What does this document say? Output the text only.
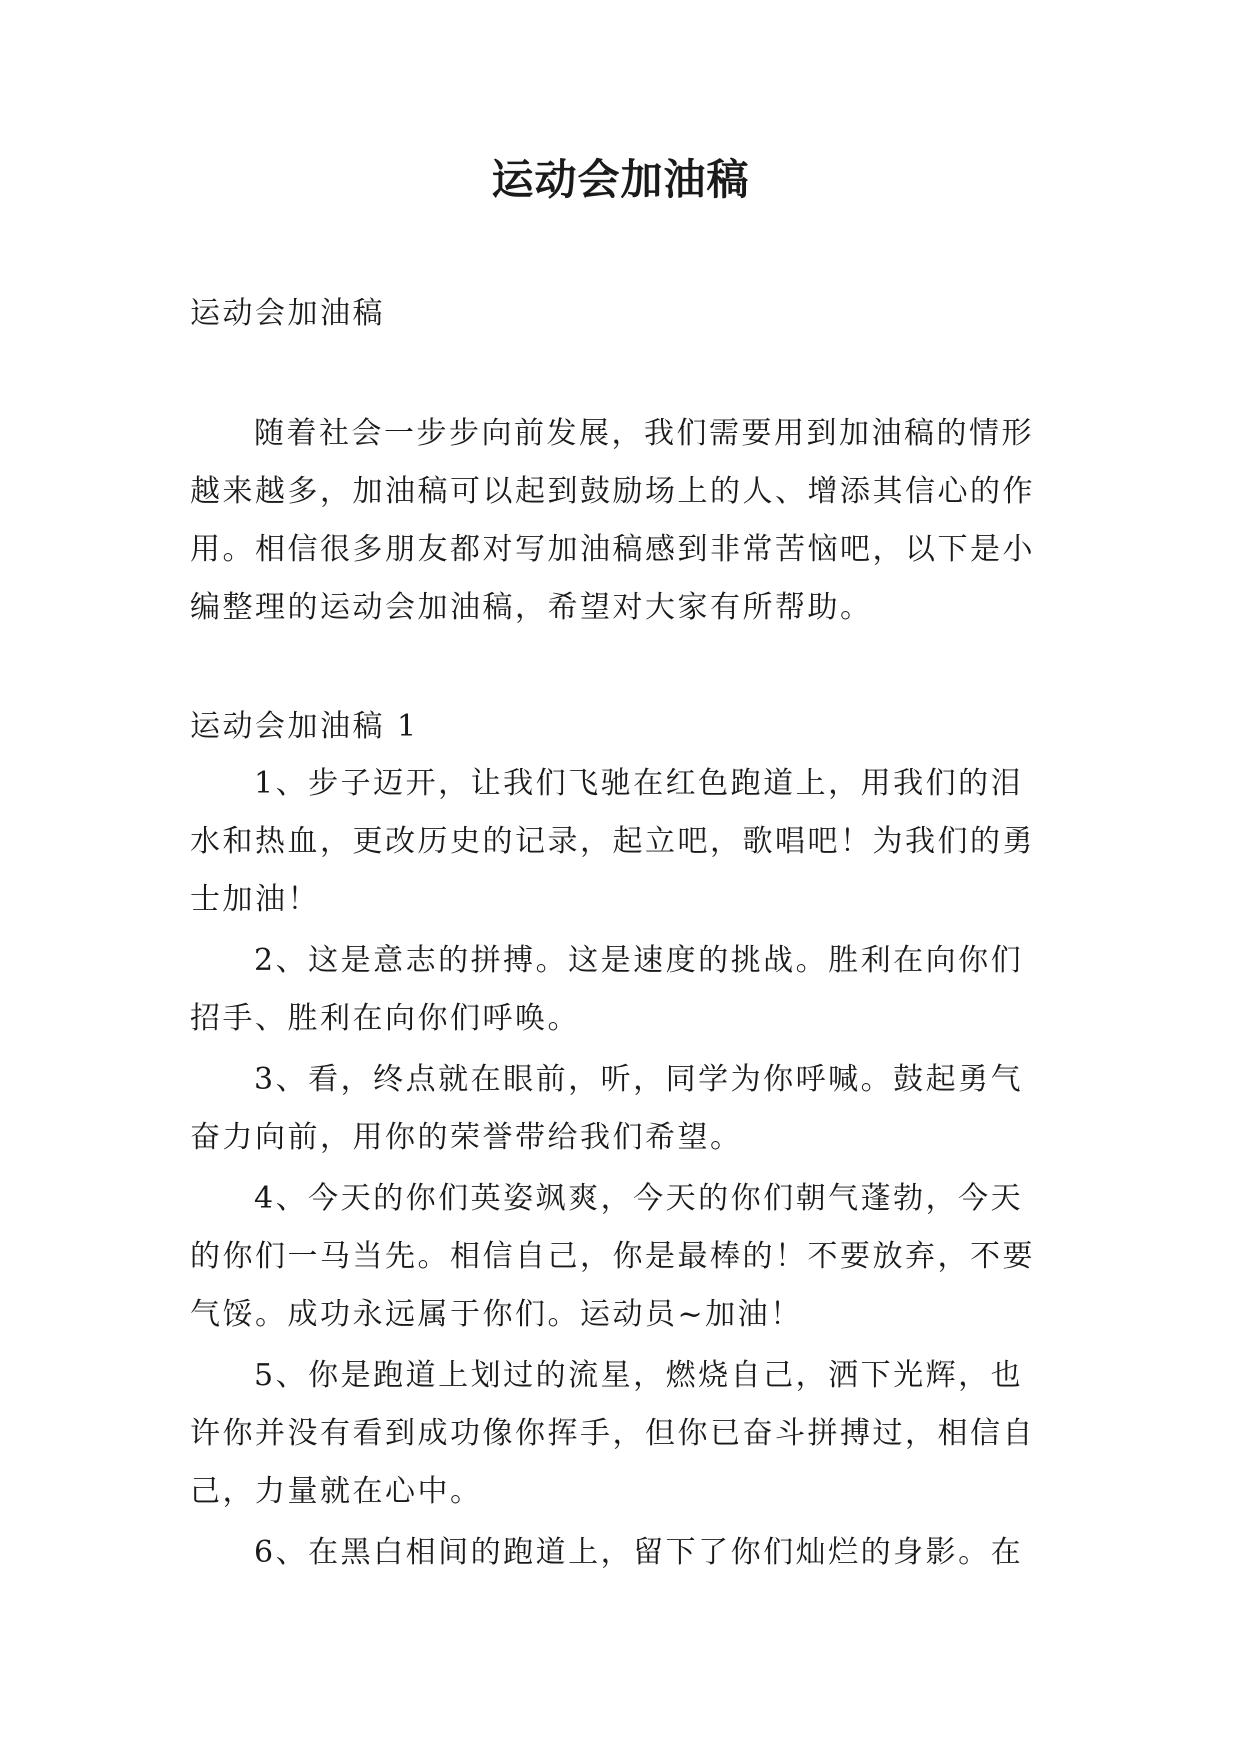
运动会加油稿

运动会加油稿

随着社会一步步向前发展，我们需要用到加油稿的情形越来越多，加油稿可以起到鼓励场上的人、增添其信心的作用。相信很多朋友都对写加油稿感到非常苦恼吧，以下是小编整理的运动会加油稿，希望对大家有所帮助。

运动会加油稿 1

1、步子迈开，让我们飞驰在红色跑道上，用我们的泪水和热血，更改历史的记录，起立吧，歌唱吧！为我们的勇士加油！

2、这是意志的拼搏。这是速度的挑战。胜利在向你们招手、胜利在向你们呼唤。

3、看，终点就在眼前，听，同学为你呼喊。鼓起勇气奋力向前，用你的荣誉带给我们希望。

4、今天的你们英姿飒爽，今天的你们朝气蓬勃，今天的你们一马当先。相信自己，你是最棒的！不要放弃，不要气馁。成功永远属于你们。运动员~加油！

5、你是跑道上划过的流星，燃烧自己，洒下光辉，也许你并没有看到成功像你挥手，但你已奋斗拼搏过，相信自己，力量就在心中。

6、在黑白相间的跑道上，留下了你们灿烂的身影。在
